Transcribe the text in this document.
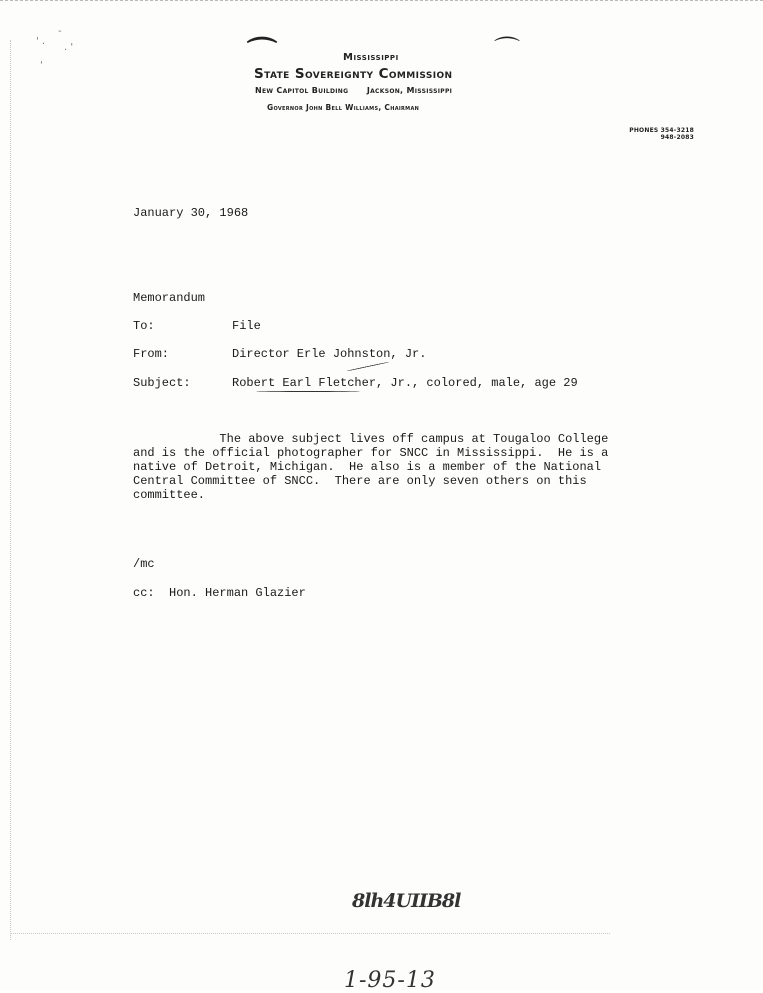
-
' .
. '
'	⌒	⌒
Mississippi
State Sovereignty Commission
New Capitol Building      Jackson, Mississippi
Governor John Bell Williams, Chairman
PHONES 354-3218
948-2083
January 30, 1968
Memorandum
To:	File
From:	Director Erle Johnston, Jr.
Subject:	Robert Earl Fletcher, Jr., colored, male, age 29
The above subject lives off campus at Tougaloo College
and is the official photographer for SNCC in Mississippi.  He is a
native of Detroit, Michigan.  He also is a member of the National
Central Committee of SNCC.  There are only seven others on this
committee.
/mc
cc:  Hon. Herman Glazier
8lh4UIIB8l
1-95-13
